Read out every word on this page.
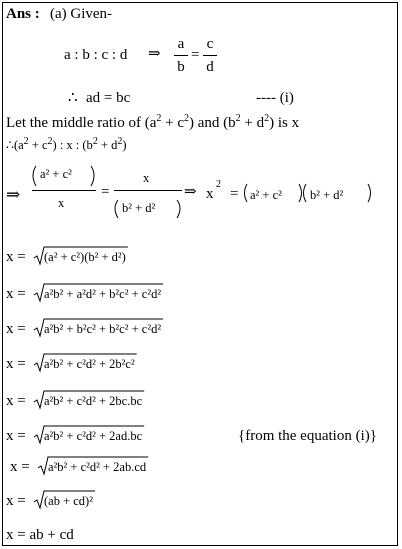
Ans : (a) Given-
a : b : c : d ⇒
a
b
=
c
d
∴ ad = bc	---- (i)
Let the middle ratio of $(a^2 + c^2)$ and $(b^2 + d^2)$ is x
$\therefore(a^2 + c^2)$ : x : $(b^2 + d^2)$
⇒
a² + c²
x
=
x
b² + d²
⇒ x
2
= a² + c² b² + d²
x = (a² + c²)(b² + d²)
x = a²b² + a²d² + b²c² + c²d²
x = a²b² + b²c² + b²c² + c²d²
x = a²b² + c²d² + 2b²c²
x = a²b² + c²d² + 2bc.bc
x = a²b² + c²d² + 2ad.bc
x = a²b² + c²d² + 2ab.cd
x = (ab + cd)²
{from the equation (i)}
x = ab + cd
